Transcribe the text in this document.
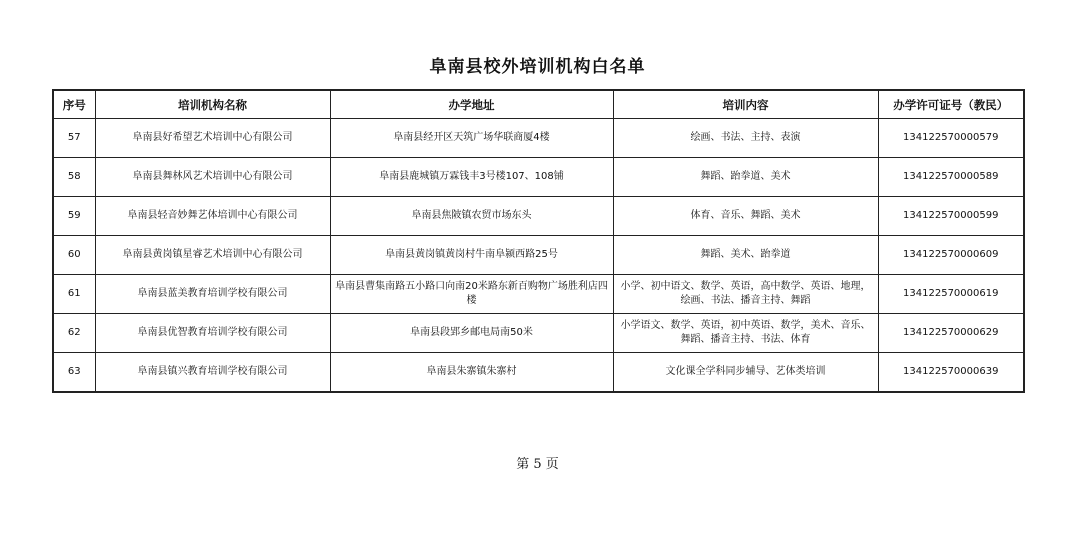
阜南县校外培训机构白名单
序号	培训机构名称	办学地址	培训内容	办学许可证号（教民）
57	阜南县好希望艺术培训中心有限公司	阜南县经开区天筑广场华联商厦4楼	绘画、书法、主持、表演	134122570000579
58	阜南县舞林风艺术培训中心有限公司	阜南县鹿城镇万霖钱丰3号楼107、108铺	舞蹈、跆拳道、美术	134122570000589
59	阜南县轻音妙舞艺体培训中心有限公司	阜南县焦陂镇农贸市场东头	体育、音乐、舞蹈、美术	134122570000599
60	阜南县黄岗镇星睿艺术培训中心有限公司	阜南县黄岗镇黄岗村牛南阜颍西路25号	舞蹈、美术、跆拳道	134122570000609
61	阜南县蓝美教育培训学校有限公司	阜南县曹集南路五小路口向南20米路东新百购物广场胜利店四楼	小学、初中语文、数学、英语，高中数学、英语、地理，绘画、书法、播音主持、舞蹈	134122570000619
62	阜南县优智教育培训学校有限公司	阜南县段郢乡邮电局南50米	小学语文、数学、英语，初中英语、数学，美术、音乐、舞蹈、播音主持、书法、体育	134122570000629
63	阜南县镇兴教育培训学校有限公司	阜南县朱寨镇朱寨村	文化课全学科同步辅导、艺体类培训	134122570000639
第 5 页
